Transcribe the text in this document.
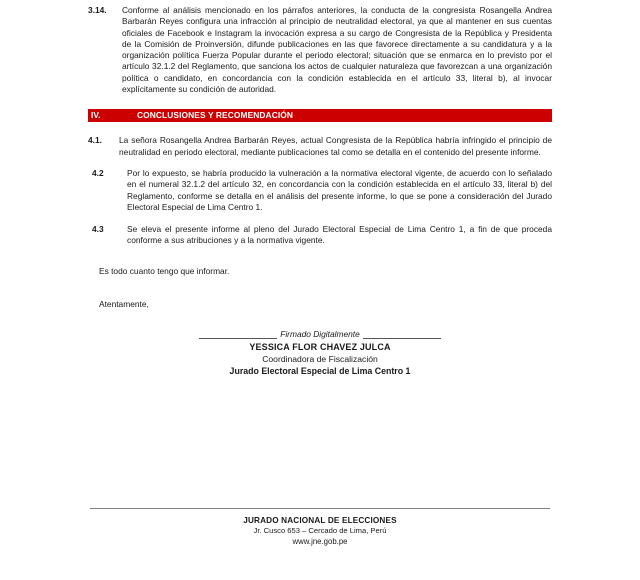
3.14.	Conforme al análisis mencionado en los párrafos anteriores, la conducta de la congresista Rosangella Andrea Barbarán Reyes configura una infracción al principio de neutralidad electoral, ya que al mantener en sus cuentas oficiales de Facebook e Instagram la invocación expresa a su cargo de Congresista de la República y Presidenta de la Comisión de Proinversión, difunde publicaciones en las que favorece directamente a su candidatura y a la organización política Fuerza Popular durante el periodo electoral; situación que se enmarca en lo previsto por el artículo 32.1.2 del Reglamento, que sanciona los actos de cualquier naturaleza que favorezcan a una organización política o candidato, en concordancia con la condición establecida en el artículo 33, literal b), al invocar explícitamente su condición de autoridad.
IV.	CONCLUSIONES Y RECOMENDACIÓN
4.1.	La señora Rosangella Andrea Barbarán Reyes, actual Congresista de la República habría infringido el principio de neutralidad en periodo electoral, mediante publicaciones tal como se detalla en el contenido del presente informe.
4.2	Por lo expuesto, se habría producido la vulneración a la normativa electoral vigente, de acuerdo con lo señalado en el numeral 32.1.2 del artículo 32, en concordancia con la condición establecida en el artículo 33, literal b) del Reglamento, conforme se detalla en el análisis del presente informe, lo que se pone a consideración del Jurado Electoral Especial de Lima Centro 1.
4.3	Se eleva el presente informe al pleno del Jurado Electoral Especial de Lima Centro 1, a fin de que proceda conforme a sus atribuciones y a la normativa vigente.
Es todo cuanto tengo que informar.
Atentamente,
Firmado Digitalmente
YESSICA FLOR CHAVEZ JULCA
Coordinadora de Fiscalización
Jurado Electoral Especial de Lima Centro 1
JURADO NACIONAL DE ELECCIONES
Jr. Cusco 653 – Cercado de Lima, Perú
www.jne.gob.pe
